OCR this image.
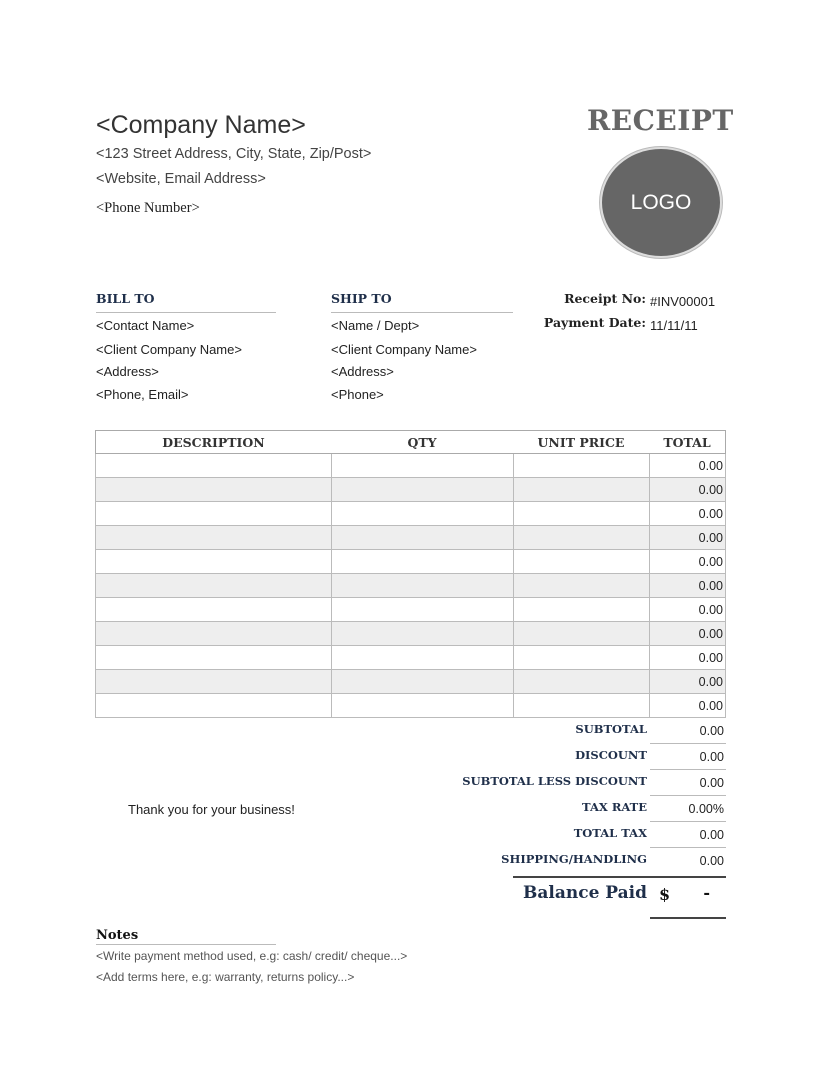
<Company Name>
<123 Street Address, City, State, Zip/Post>
<Website, Email Address>
<Phone Number>
RECEIPT
LOGO
BILL TO
<Contact Name>
<Client Company Name>
<Address>
<Phone, Email>
SHIP TO
<Name / Dept>
<Client Company Name>
<Address>
<Phone>
Receipt No: #INV00001
Payment Date: 11/11/11
DESCRIPTION	QTY	UNIT PRICE	TOTAL
			0.00
			0.00
			0.00
			0.00
			0.00
			0.00
			0.00
			0.00
			0.00
			0.00
			0.00
SUBTOTAL	0.00
DISCOUNT	0.00
SUBTOTAL LESS DISCOUNT	0.00
TAX RATE	0.00%
TOTAL TAX	0.00
SHIPPING/HANDLING	0.00
Balance Paid $	-
Thank you for your business!
Notes
<Write payment method used, e.g: cash/ credit/ cheque...>
<Add terms here, e.g: warranty, returns policy...>
